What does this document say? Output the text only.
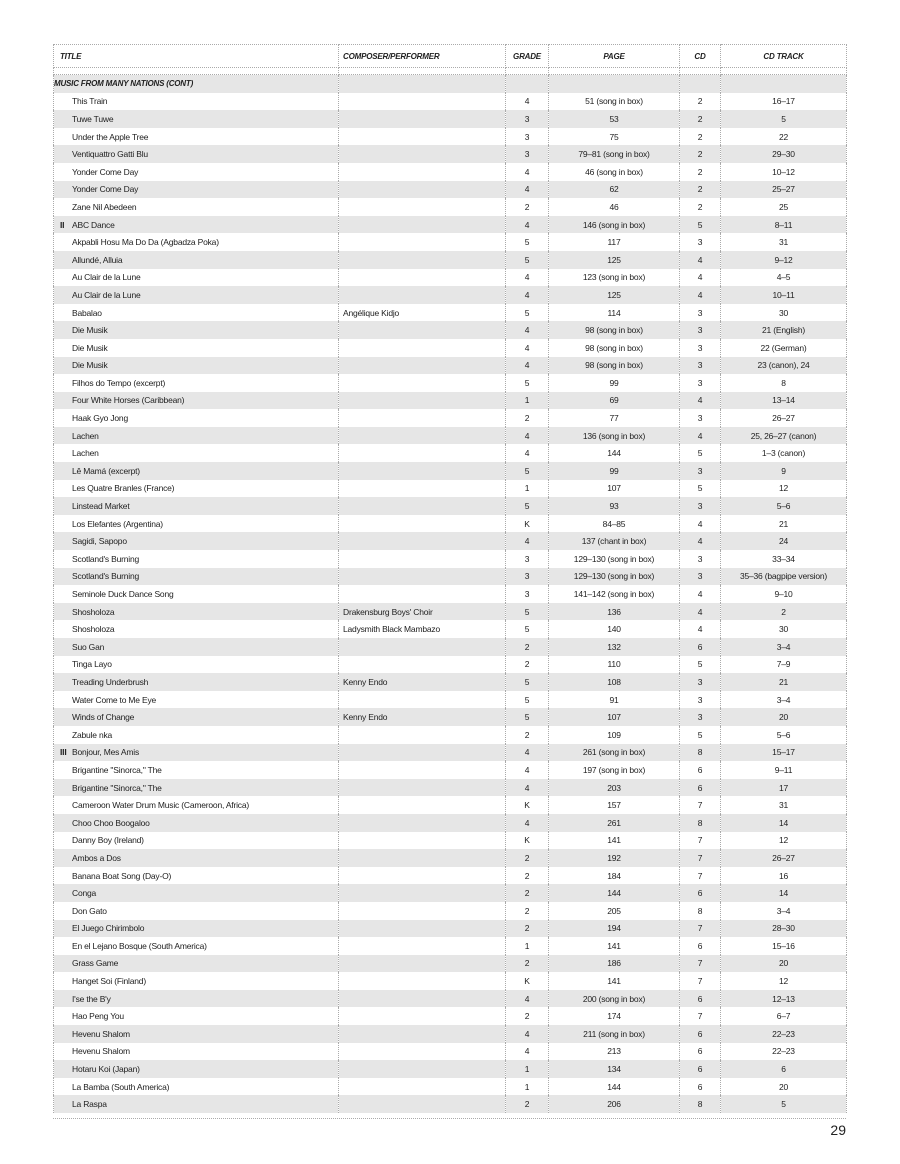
TITLE	COMPOSER/PERFORMER	GRADE	PAGE	CD	CD TRACK

MUSIC FROM MANY NATIONS (CONT)					
This Train		4	51 (song in box)	2	16–17
Tuwe Tuwe		3	53	2	5
Under the Apple Tree		3	75	2	22
Ventiquattro Gatti Blu		3	79–81 (song in box)	2	29–30
Yonder Come Day		4	46 (song in box)	2	10–12
Yonder Come Day		4	62	2	25–27
Zane Nil Abedeen		2	46	2	25
II ABC Dance		4	146 (song in box)	5	8–11
Akpabli Hosu Ma Do Da (Agbadza Poka)		5	117	3	31
Allundé, Alluia		5	125	4	9–12
Au Clair de la Lune		4	123 (song in box)	4	4–5
Au Clair de la Lune		4	125	4	10–11
Babalao	Angélique Kidjo	5	114	3	30
Die Musik		4	98 (song in box)	3	21 (English)
Die Musik		4	98 (song in box)	3	22 (German)
Die Musik		4	98 (song in box)	3	23 (canon), 24
Filhos do Tempo (excerpt)		5	99	3	8
Four White Horses (Caribbean)		1	69	4	13–14
Haak Gyo Jong		2	77	3	26–27
Lachen		4	136 (song in box)	4	25, 26–27 (canon)
Lachen		4	144	5	1–3 (canon)
Lê Mamá (excerpt)		5	99	3	9
Les Quatre Branles (France)		1	107	5	12
Linstead Market		5	93	3	5–6
Los Elefantes (Argentina)		K	84–85	4	21
Sagidi, Sapopo		4	137 (chant in box)	4	24
Scotland's Burning		3	129–130 (song in box)	3	33–34
Scotland's Burning		3	129–130 (song in box)	3	35–36 (bagpipe version)
Seminole Duck Dance Song		3	141–142 (song in box)	4	9–10
Shosholoza	Drakensburg Boys' Choir	5	136	4	2
Shosholoza	Ladysmith Black Mambazo	5	140	4	30
Suo Gan		2	132	6	3–4
Tinga Layo		2	110	5	7–9
Treading Underbrush	Kenny Endo	5	108	3	21
Water Come to Me Eye		5	91	3	3–4
Winds of Change	Kenny Endo	5	107	3	20
Zabule nka		2	109	5	5–6
III Bonjour, Mes Amis		4	261 (song in box)	8	15–17
Brigantine "Sinorca," The		4	197 (song in box)	6	9–11
Brigantine "Sinorca," The		4	203	6	17
Cameroon Water Drum Music (Cameroon, Africa)		K	157	7	31
Choo Choo Boogaloo		4	261	8	14
Danny Boy (Ireland)		K	141	7	12
Ambos a Dos		2	192	7	26–27
Banana Boat Song (Day-O)		2	184	7	16
Conga		2	144	6	14
Don Gato		2	205	8	3–4
El Juego Chirimbolo		2	194	7	28–30
En el Lejano Bosque (South America)		1	141	6	15–16
Grass Game		2	186	7	20
Hanget Soi (Finland)		K	141	7	12
I'se the B'y		4	200 (song in box)	6	12–13
Hao Peng You		2	174	7	6–7
Hevenu Shalom		4	211 (song in box)	6	22–23
Hevenu Shalom		4	213	6	22–23
Hotaru Koi (Japan)		1	134	6	6
La Bamba (South America)		1	144	6	20
La Raspa		2	206	8	5
29
